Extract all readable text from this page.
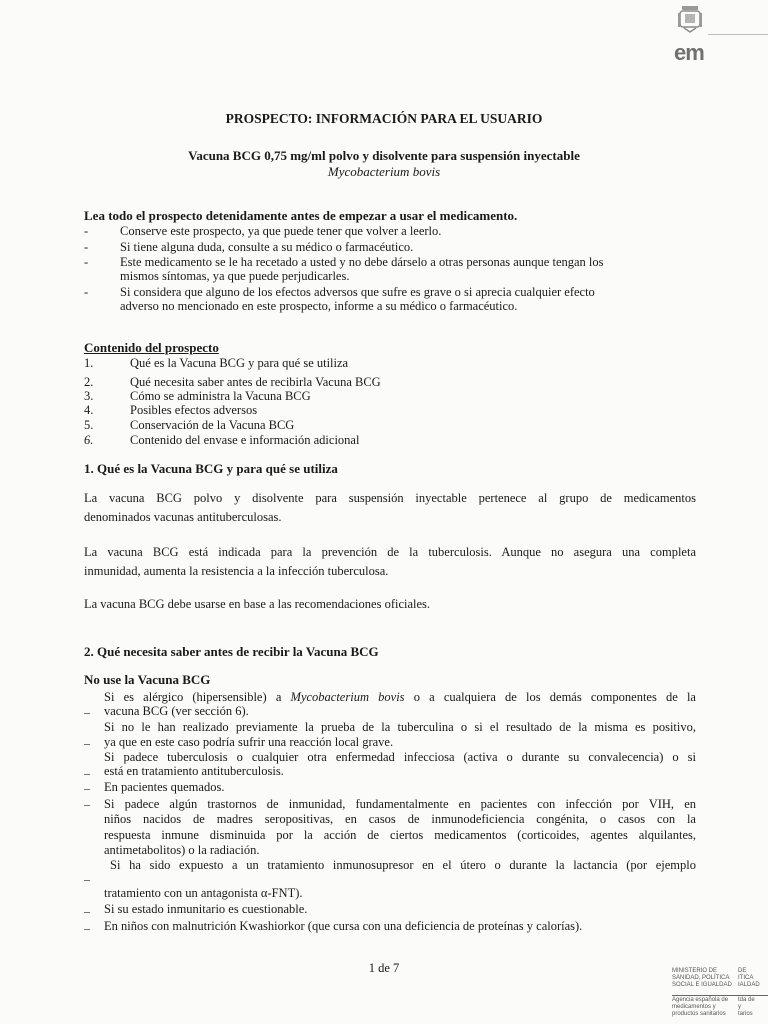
em
PROSPECTO: INFORMACIÓN PARA EL USUARIO
Vacuna BCG 0,75 mg/ml polvo y disolvente para suspensión inyectable
Mycobacterium bovis
Lea todo el prospecto detenidamente antes de empezar a usar el medicamento.
-	Conserve este prospecto, ya que puede tener que volver a leerlo.
-	Si tiene alguna duda, consulte a su médico o farmacéutico.
-	Este medicamento se le ha recetado a usted y no debe dárselo a otras personas aunque tengan los
mismos síntomas, ya que puede perjudicarles.
-	Si considera que alguno de los efectos adversos que sufre es grave o si aprecia cualquier efecto
adverso no mencionado en este prospecto, informe a su médico o farmacéutico.
Contenido del prospecto
1.	Qué es la Vacuna BCG y para qué se utiliza
2.	Qué necesita saber antes de recibirla Vacuna BCG
3.	Cómo se administra la Vacuna BCG
4.	Posibles efectos adversos
5.	Conservación de la Vacuna BCG
6.	Contenido del envase e información adicional
1. Qué es la Vacuna BCG y para qué se utiliza
La vacuna BCG polvo y disolvente para suspensión inyectable pertenece al grupo de medicamentos
denominados vacunas antituberculosas.
La vacuna BCG está indicada para la prevención de la tuberculosis. Aunque no asegura una completa
inmunidad, aumenta la resistencia a la infección tuberculosa.
La vacuna BCG debe usarse en base a las recomendaciones oficiales.
2. Qué necesita saber antes de recibir la Vacuna BCG
No use la Vacuna BCG
–
Si es alérgico (hipersensible) a Mycobacterium bovis o a cualquiera de los demás componentes de la
vacuna BCG (ver sección 6).
–
Si no le han realizado previamente la prueba de la tuberculina o si el resultado de la misma es positivo,
ya que en este caso podría sufrir una reacción local grave.
–
Si padece tuberculosis o cualquier otra enfermedad infecciosa (activa o durante su convalecencia) o si
está en tratamiento antituberculosis.
– En pacientes quemados.
– Si padece algún trastornos de inmunidad, fundamentalmente en pacientes con infección por VIH, en
niños nacidos de madres seropositivas, en casos de inmunodeficiencia congénita, o casos con la
respuesta inmune disminuida por la acción de ciertos medicamentos (corticoides, agentes alquilantes,
antimetabolitos) o la radiación.
–
Si ha sido expuesto a un tratamiento inmunosupresor en el útero o durante la lactancia (por ejemplo
tratamiento con un antagonista α-FNT).
– Si su estado inmunitario es cuestionable.
– En niños con malnutrición Kwashiorkor (que cursa con una deficiencia de proteínas y calorías).
1 de 7	MINISTERIO DE
SANIDAD, POLÍTICA
SOCIAL E IGUALDAD
DE
ITICA
IALDAD
Agencia española de
medicamentos y
productos sanitarios
tda de
y
tarios
